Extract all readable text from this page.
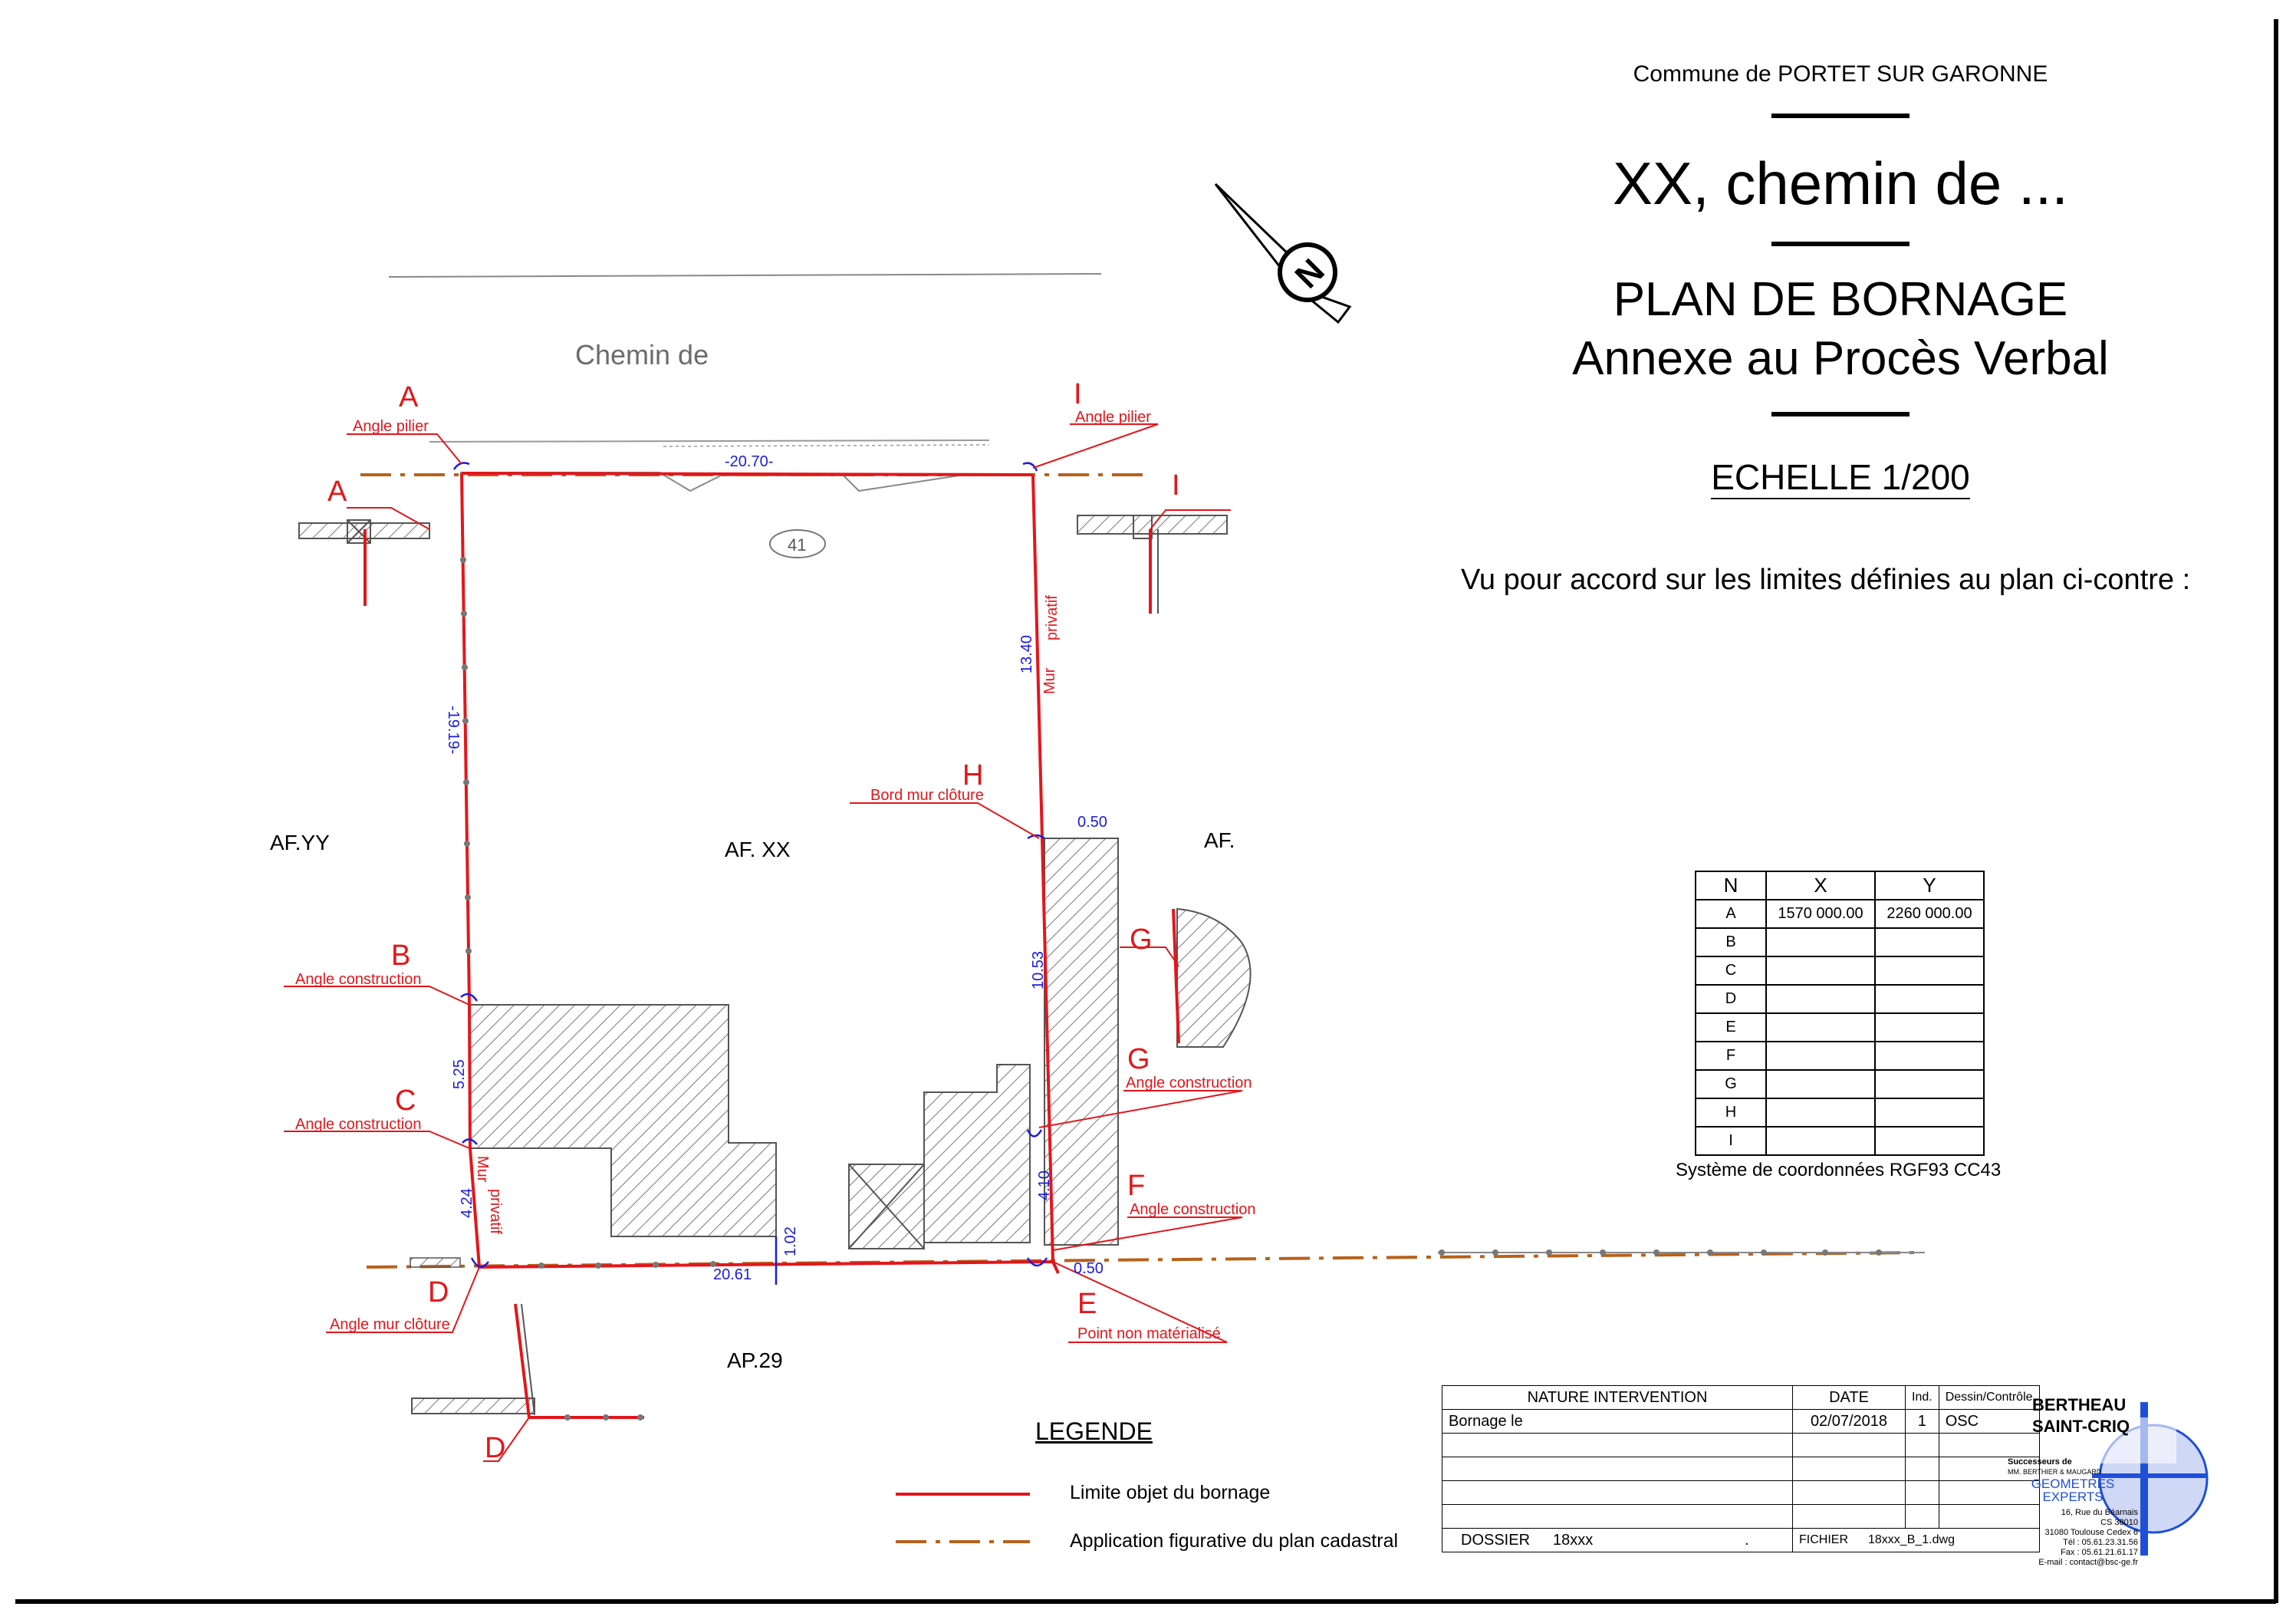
Chemin de
N
41
A
Angle pilier
I
Angle pilier
H
Bord mur clôture
B
Angle construction
C
Angle construction
G
Angle construction
F
Angle construction
D
Angle mur clôture
E
Point non matérialisé
A	I
G
D
Mur
privatif
Mur
privatif
-20.70-
-19.19-
5.25
4.24
20.61
1.02
13.40
10.53
4.10
0.50
0.50
AF.YY	AF. XX	AF.
AP.29
Commune de PORTET SUR GARONNE
XX, chemin de ...
PLAN DE BORNAGE
Annexe au Procès Verbal
ECHELLE 1/200
Vu pour accord sur les limites définies au plan ci-contre :
N	X	Y
A	1570 000.00	2260 000.00
B		
C		
D		
E		
F		
G		
H		
I		
Système de coordonnées RGF93 CC43
LEGENDE
Limite objet du bornage
Application figurative du plan cadastral
NATURE INTERVENTION	DATE	Ind.	Dessin/Contrôle
Bornage le	02/07/2018	1	OSC

DOSSIER 18xxx .	FICHIER 18xxx_B_1.dwg		
BERTHEAU
SAINT-CRIQ
Successeurs de
MM. BERTHIER & MAUGARD
GEOMETRES
EXPERTS
16, Rue du Béarnais
CS 38010
31080 Toulouse Cedex 6
Tél : 05.61.23.31.56
Fax : 05.61.21.61.17
E-mail : contact@bsc-ge.fr
